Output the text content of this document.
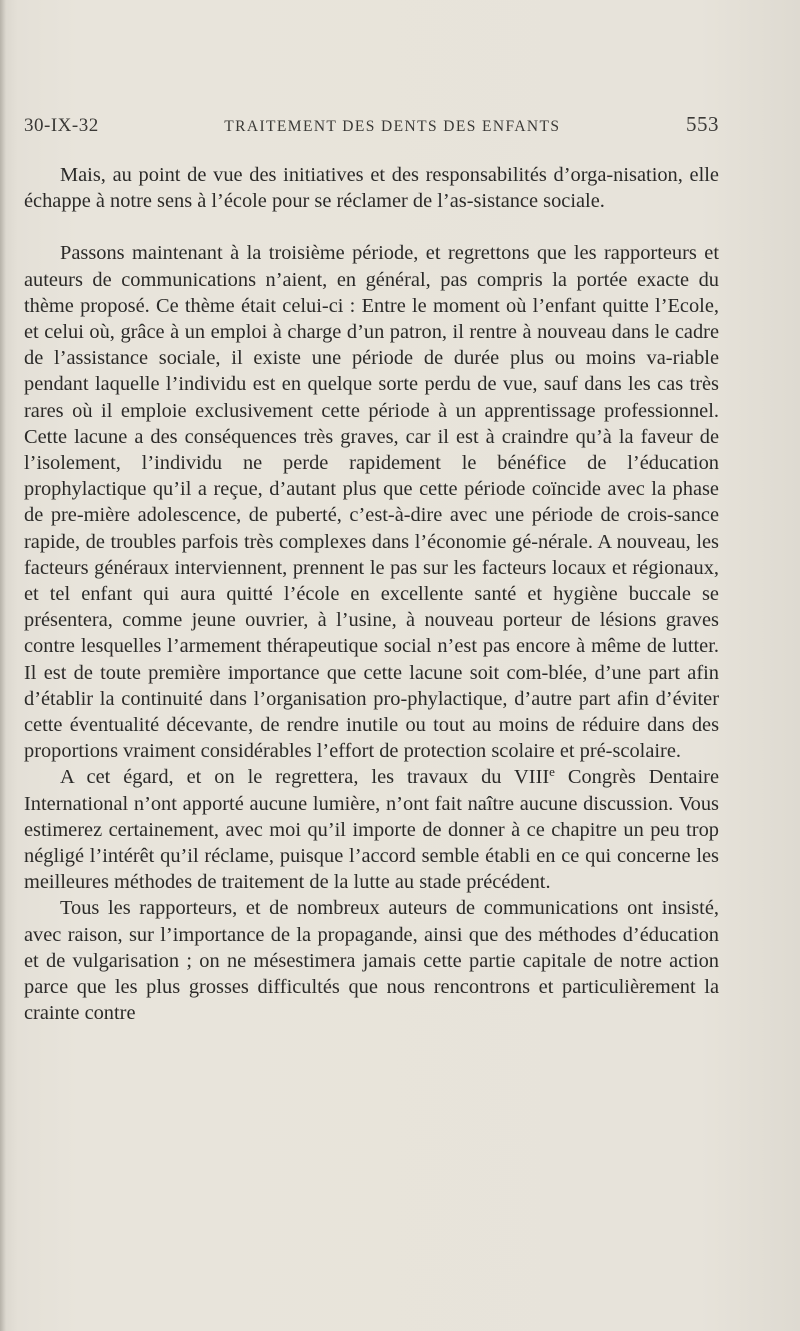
30-IX-32	TRAITEMENT DES DENTS DES ENFANTS	553

Mais, au point de vue des initiatives et des responsabilités d’orga-nisation, elle échappe à notre sens à l’école pour se réclamer de l’as-sistance sociale.

Passons maintenant à la troisième période, et regrettons que les rapporteurs et auteurs de communications n’aient, en général, pas compris la portée exacte du thème proposé. Ce thème était celui-ci : Entre le moment où l’enfant quitte l’Ecole, et celui où, grâce à un emploi à charge d’un patron, il rentre à nouveau dans le cadre de l’assistance sociale, il existe une période de durée plus ou moins va-riable pendant laquelle l’individu est en quelque sorte perdu de vue, sauf dans les cas très rares où il emploie exclusivement cette période à un apprentissage professionnel. Cette lacune a des conséquences très graves, car il est à craindre qu’à la faveur de l’isolement, l’individu ne perde rapidement le bénéfice de l’éducation prophylactique qu’il a reçue, d’autant plus que cette période coïncide avec la phase de pre-mière adolescence, de puberté, c’est-à-dire avec une période de crois-sance rapide, de troubles parfois très complexes dans l’économie gé-nérale. A nouveau, les facteurs généraux interviennent, prennent le pas sur les facteurs locaux et régionaux, et tel enfant qui aura quitté l’école en excellente santé et hygiène buccale se présentera, comme jeune ouvrier, à l’usine, à nouveau porteur de lésions graves contre lesquelles l’armement thérapeutique social n’est pas encore à même de lutter. Il est de toute première importance que cette lacune soit com-blée, d’une part afin d’établir la continuité dans l’organisation pro-phylactique, d’autre part afin d’éviter cette éventualité décevante, de rendre inutile ou tout au moins de réduire dans des proportions vraiment considérables l’effort de protection scolaire et pré-scolaire.

A cet égard, et on le regrettera, les travaux du VIIIe Congrès Dentaire International n’ont apporté aucune lumière, n’ont fait naître aucune discussion. Vous estimerez certainement, avec moi qu’il importe de donner à ce chapitre un peu trop négligé l’intérêt qu’il réclame, puisque l’accord semble établi en ce qui concerne les meilleures méthodes de traitement de la lutte au stade précédent.

Tous les rapporteurs, et de nombreux auteurs de communications ont insisté, avec raison, sur l’importance de la propagande, ainsi que des méthodes d’éducation et de vulgarisation ; on ne mésestimera jamais cette partie capitale de notre action parce que les plus grosses difficultés que nous rencontrons et particulièrement la crainte contre
